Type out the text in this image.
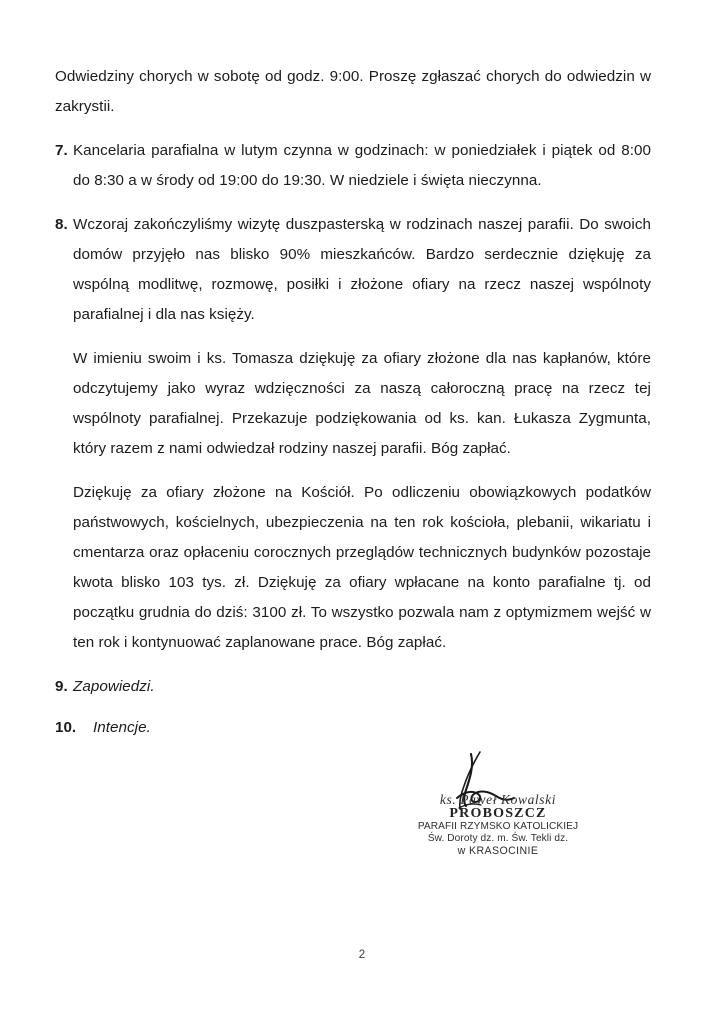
Odwiedziny chorych w sobotę od godz. 9:00. Proszę zgłaszać chorych do odwiedzin w zakrystii.

7. Kancelaria parafialna w lutym czynna w godzinach: w poniedziałek i piątek od 8:00 do 8:30 a w środy od 19:00 do 19:30. W niedziele i święta nieczynna.
8. Wczoraj zakończyliśmy wizytę duszpasterską w rodzinach naszej parafii. Do swoich domów przyjęło nas blisko 90% mieszkańców. Bardzo serdecznie dziękuję za wspólną modlitwę, rozmowę, posiłki i złożone ofiary na rzecz naszej wspólnoty parafialnej i dla nas księży.

W imieniu swoim i ks. Tomasza dziękuję za ofiary złożone dla nas kapłanów, które odczytujemy jako wyraz wdzięczności za naszą całoroczną pracę na rzecz tej wspólnoty parafialnej. Przekazuje podziękowania od ks. kan. Łukasza Zygmunta, który razem z nami odwiedzał rodziny naszej parafii. Bóg zapłać.

Dziękuję za ofiary złożone na Kościół. Po odliczeniu obowiązkowych podatków państwowych, kościelnych, ubezpieczenia na ten rok kościoła, plebanii, wikariatu i cmentarza oraz opłaceniu corocznych przeglądów technicznych budynków pozostaje kwota blisko 103 tys. zł. Dziękuję za ofiary wpłacane na konto parafialne tj. od początku grudnia do dziś: 3100 zł. To wszystko pozwala nam z optymizmem wejść w ten rok i kontynuować zaplanowane prace. Bóg zapłać.

9. Zapowiedzi.
10.	Intencje.
ks. Paweł Kowalski
PROBOSZCZ
PARAFII RZYMSKO KATOLICKIEJ
Św. Doroty dz. m. Św. Tekli dz.
w KRASOCINIE
2
